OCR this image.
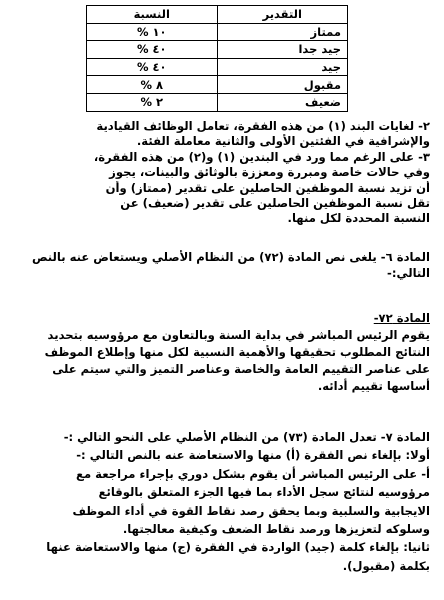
التقدير	النسبة
ممتاز	١٠ %
جيد جدا	٤٠ %
جيد	٤٠ %
مقبول	٨ %
ضعيف	٢ %
٢- لغايات البند (١) من هذه الفقرة، تعامل الوظائف القيادية
والإشرافية في الفئتين الأولى والثانية معاملة الفئة.
٣- على الرغم مما ورد في البندين (١) و(٢) من هذه الفقرة،
وفي حالات خاصة ومبررة ومعززة بالوثائق والبينات، يجوز
أن تزيد نسبة الموظفين الحاصلين على تقدير (ممتاز) وأن
تقل نسبة الموظفين الحاصلين على تقدير (ضعيف) عن
النسبة المحددة لكل منها.
المادة ٦- يلغى نص المادة (٧٢) من النظام الأصلي ويستعاض عنه بالنص
التالي:-
المادة ٧٢-
يقوم الرئيس المباشر في بداية السنة وبالتعاون مع مرؤوسيه بتحديد
النتائج المطلوب تحقيقها والأهمية النسبية لكل منها وإطلاع الموظف
على عناصر التقييم العامة والخاصة وعناصر التميز والتي سيتم على
أساسها تقييم أدائه.
المادة ٧- تعدل المادة (٧٣) من النظام الأصلي على النحو التالي :-
أولا: بإلغاء نص الفقرة (أ) منها والاستعاضة عنه بالنص التالي :-
أ- على الرئيس المباشر أن يقوم بشكل دوري بإجراء مراجعة مع
مرؤوسيه لنتائج سجل الأداء بما فيها الجزء المتعلق بالوقائع
الايجابية والسلبية وبما يحقق رصد نقاط القوة في أداء الموظف
وسلوكه لتعزيزها ورصد نقاط الضعف وكيفية معالجتها.
ثانيا: بإلغاء كلمة (جيد) الواردة في الفقرة (ج) منها والاستعاضة عنها
بكلمة (مقبول).
